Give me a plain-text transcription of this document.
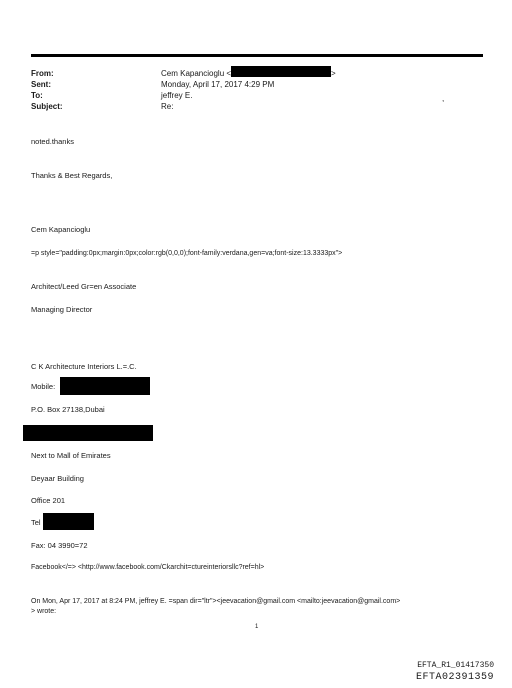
From:	Cem Kapancioglu <	>
Sent:	Monday, April 17, 2017 4:29 PM
To:	jeffrey E.
Subject:	Re:
,
noted.thanks
Thanks & Best Regards,
Cem Kapancioglu
=p style="padding:0px;margin:0px;color:rgb(0,0,0);font-family:verdana,gen=va;font-size:13.3333px">
Architect/Leed Gr=en Associate
Managing Director
C K Architecture Interiors L.=.C.
Mobile:
P.O. Box 27138,Dubai
Next to Mall of Emirates
Deyaar Building
Office 201
Tel
Fax: 04 3990=72
Facebook</=> <http://www.facebook.com/Ckarchit=ctureinteriorsllc?ref=hl>
On Mon, Apr 17, 2017 at 8:24 PM, jeffrey E. =span dir="ltr"><jeevacation@gmail.com <mailto:jeevacation@gmail.com>
> wrote:
1
EFTA_R1_01417350
EFTA02391359
